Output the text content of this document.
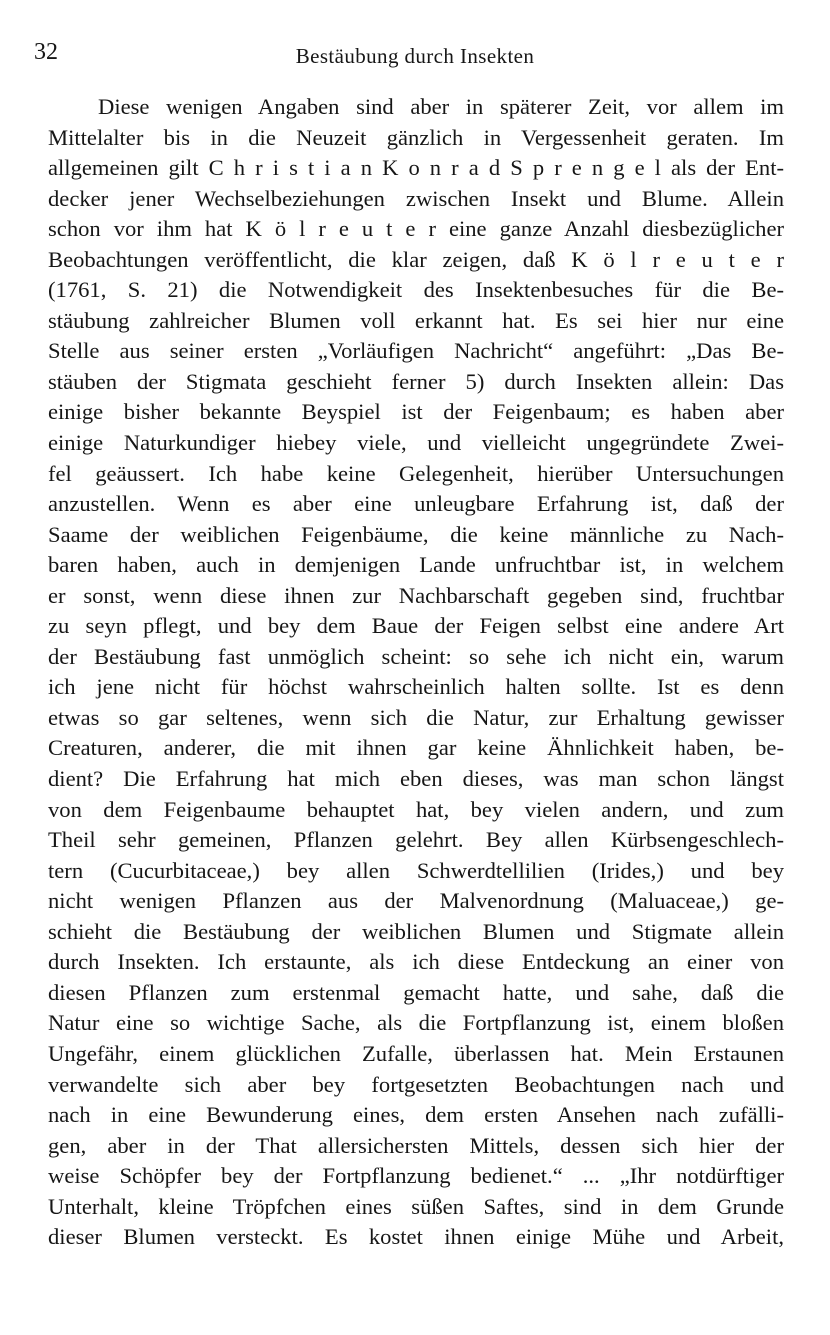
32	Bestäubung durch Insekten
Diese wenigen Angaben sind aber in späterer Zeit, vor allem im
Mittelalter bis in die Neuzeit gänzlich in Vergessenheit geraten. Im
allgemeinen gilt C h r i s t i a n K o n r a d S p r e n g e l als der Ent-
decker jener Wechselbeziehungen zwischen Insekt und Blume. Allein
schon vor ihm hat K ö l r e u t e r eine ganze Anzahl diesbezüglicher
Beobachtungen veröffentlicht, die klar zeigen, daß K ö l r e u t e r
(1761, S. 21) die Notwendigkeit des Insektenbesuches für die Be-
stäubung zahlreicher Blumen voll erkannt hat. Es sei hier nur eine
Stelle aus seiner ersten „Vorläufigen Nachricht“ angeführt: „Das Be-
stäuben der Stigmata geschieht ferner 5) durch Insekten allein: Das
einige bisher bekannte Beyspiel ist der Feigenbaum; es haben aber
einige Naturkundiger hiebey viele, und vielleicht ungegründete Zwei-
fel geäussert. Ich habe keine Gelegenheit, hierüber Untersuchungen
anzustellen. Wenn es aber eine unleugbare Erfahrung ist, daß der
Saame der weiblichen Feigenbäume, die keine männliche zu Nach-
baren haben, auch in demjenigen Lande unfruchtbar ist, in welchem
er sonst, wenn diese ihnen zur Nachbarschaft gegeben sind, fruchtbar
zu seyn pflegt, und bey dem Baue der Feigen selbst eine andere Art
der Bestäubung fast unmöglich scheint: so sehe ich nicht ein, warum
ich jene nicht für höchst wahrscheinlich halten sollte. Ist es denn
etwas so gar seltenes, wenn sich die Natur, zur Erhaltung gewisser
Creaturen, anderer, die mit ihnen gar keine Ähnlichkeit haben, be-
dient? Die Erfahrung hat mich eben dieses, was man schon längst
von dem Feigenbaume behauptet hat, bey vielen andern, und zum
Theil sehr gemeinen, Pflanzen gelehrt. Bey allen Kürbsengeschlech-
tern (Cucurbitaceae,) bey allen Schwerdtellilien (Irides,) und bey
nicht wenigen Pflanzen aus der Malvenordnung (Maluaceae,) ge-
schieht die Bestäubung der weiblichen Blumen und Stigmate allein
durch Insekten. Ich erstaunte, als ich diese Entdeckung an einer von
diesen Pflanzen zum erstenmal gemacht hatte, und sahe, daß die
Natur eine so wichtige Sache, als die Fortpflanzung ist, einem bloßen
Ungefähr, einem glücklichen Zufalle, überlassen hat. Mein Erstaunen
verwandelte sich aber bey fortgesetzten Beobachtungen nach und
nach in eine Bewunderung eines, dem ersten Ansehen nach zufälli-
gen, aber in der That allersichersten Mittels, dessen sich hier der
weise Schöpfer bey der Fortpflanzung bedienet.“ ... „Ihr notdürftiger
Unterhalt, kleine Tröpfchen eines süßen Saftes, sind in dem Grunde
dieser Blumen versteckt. Es kostet ihnen einige Mühe und Arbeit,
